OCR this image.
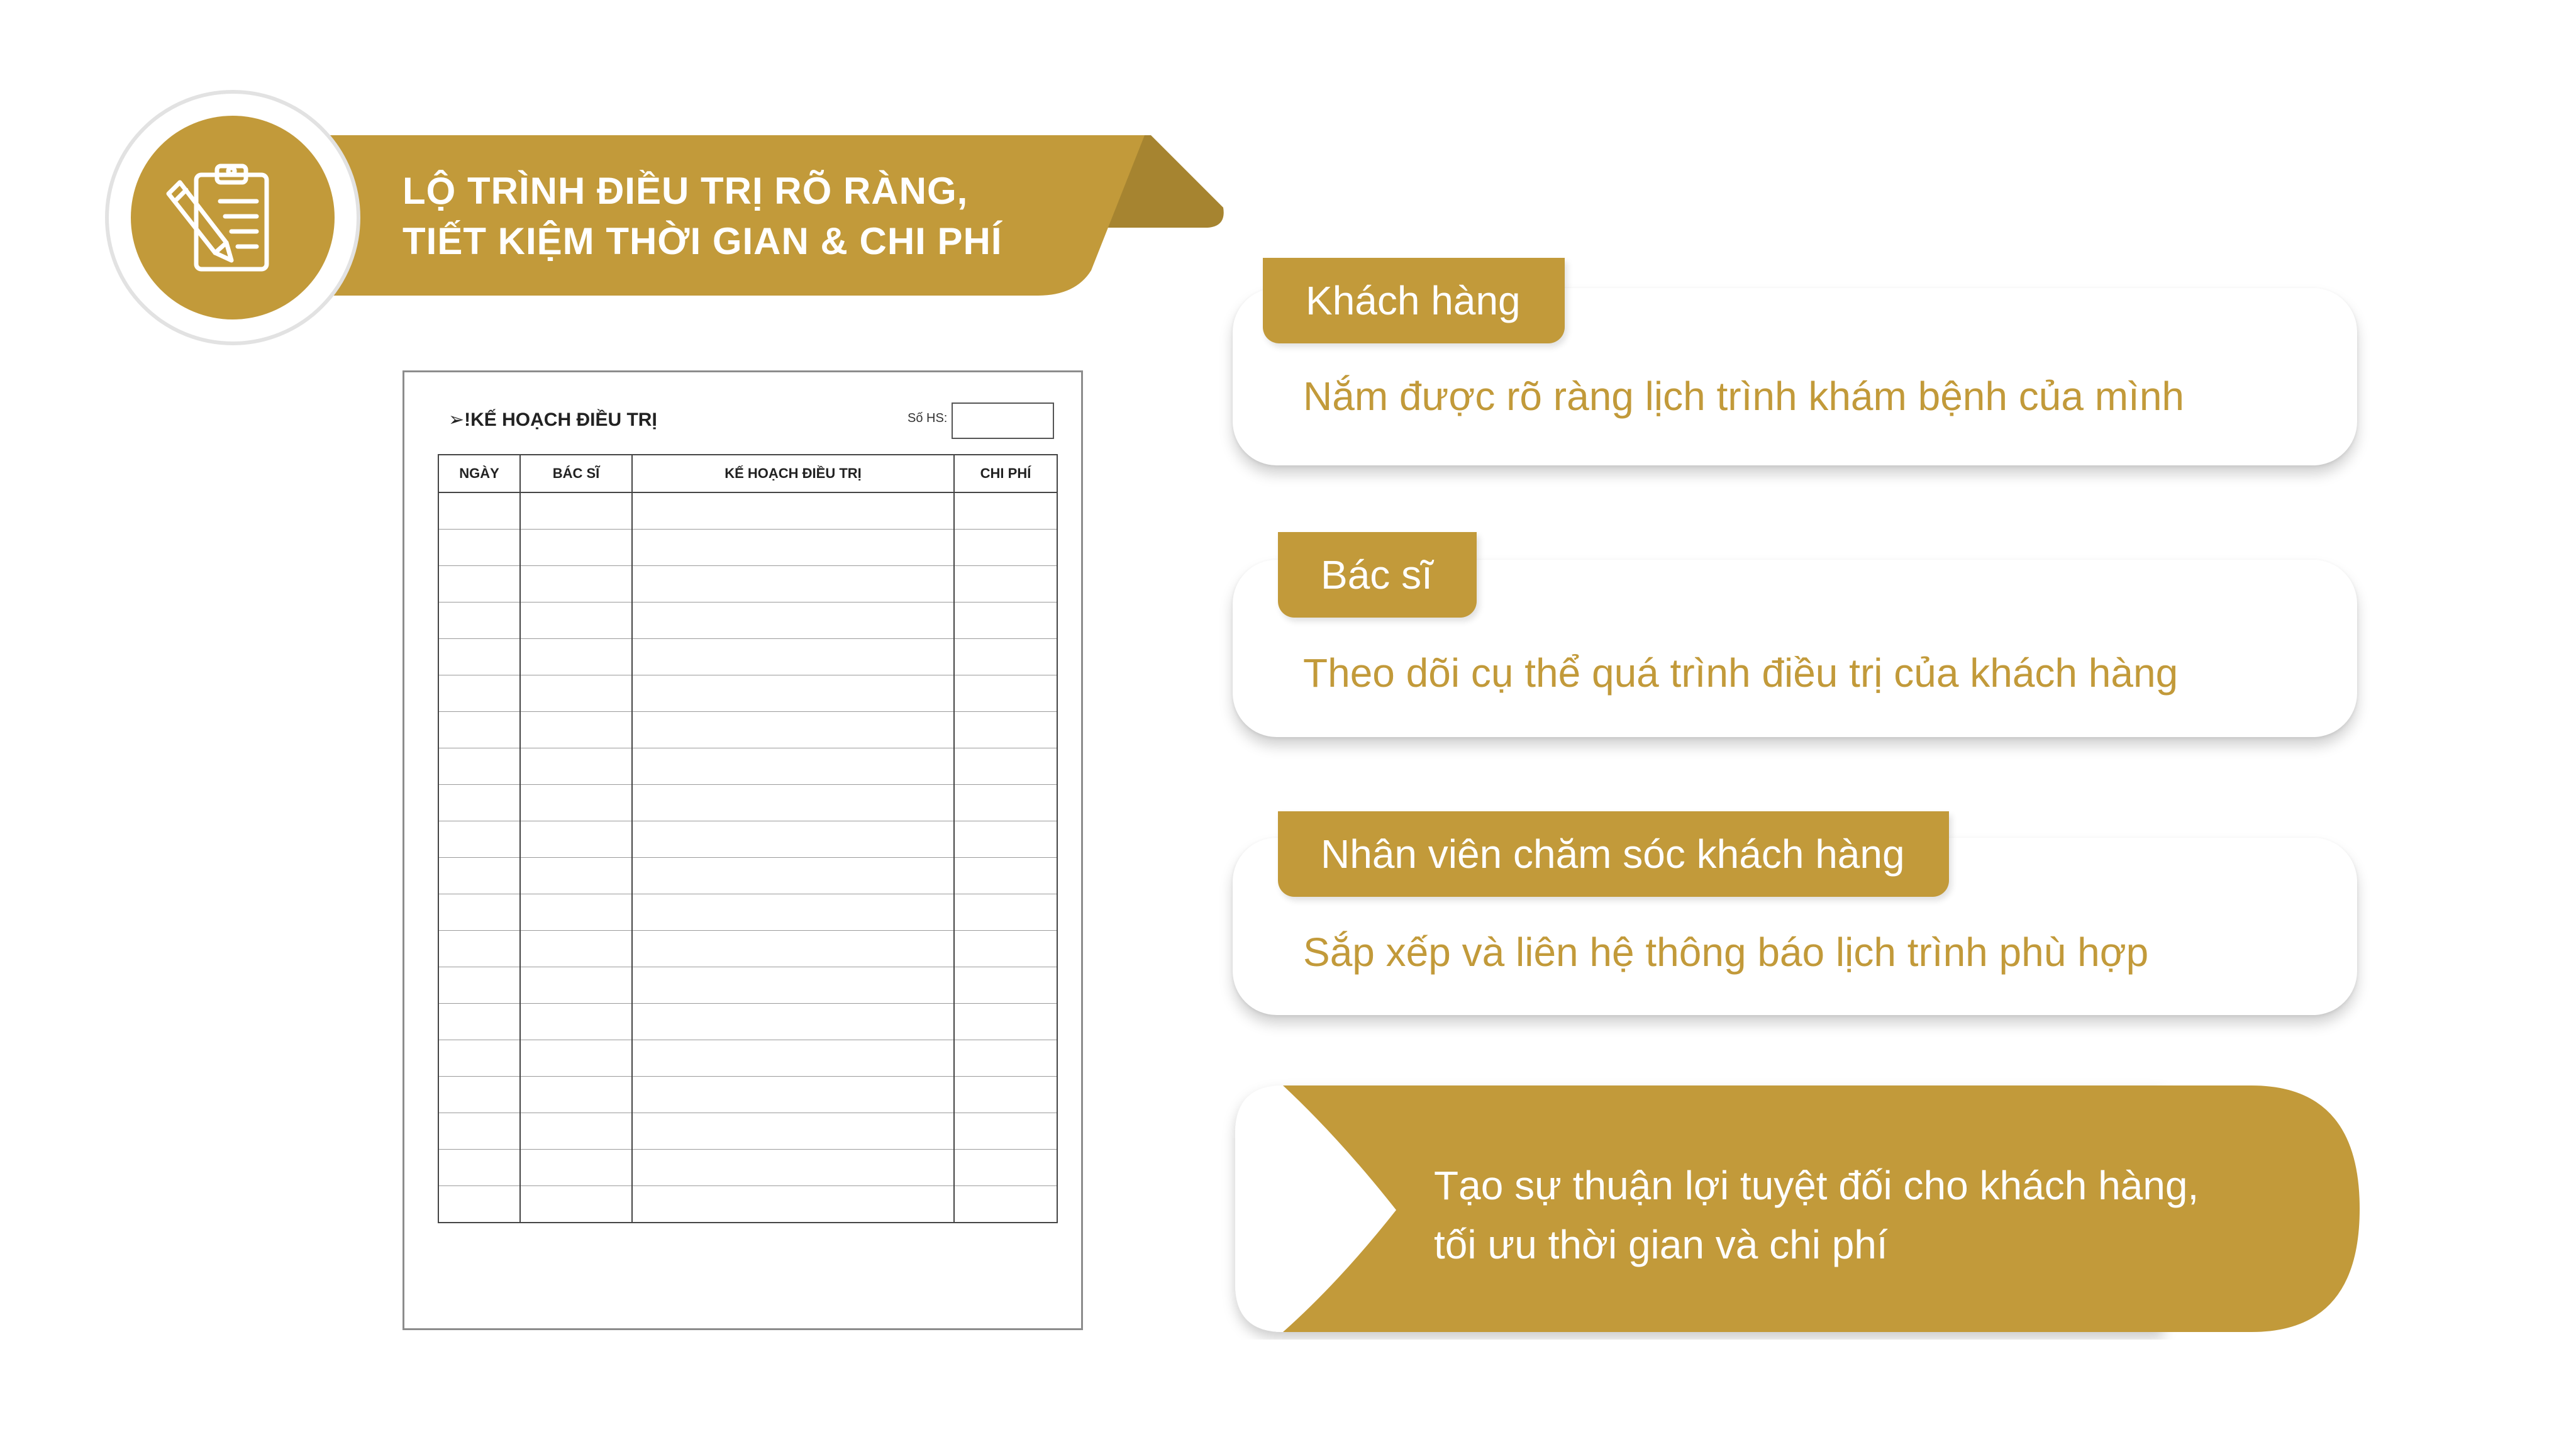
LỘ TRÌNH ĐIỀU TRỊ RÕ RÀNG,
TIẾT KIỆM THỜI GIAN & CHI PHÍ
➢!KẾ HOẠCH ĐIỀU TRỊ	Số HS:
NGÀY	BÁC SĨ	KẾ HOẠCH ĐIỀU TRỊ	CHI PHÍ

Khách hàng
Nắm được rõ ràng lịch trình khám bệnh của mình
Bác sĩ
Theo dõi cụ thể quá trình điều trị của khách hàng
Nhân viên chăm sóc khách hàng
Sắp xếp và liên hệ thông báo lịch trình phù hợp
Tạo sự thuận lợi tuyệt đối cho khách hàng,
tối ưu thời gian và chi phí
